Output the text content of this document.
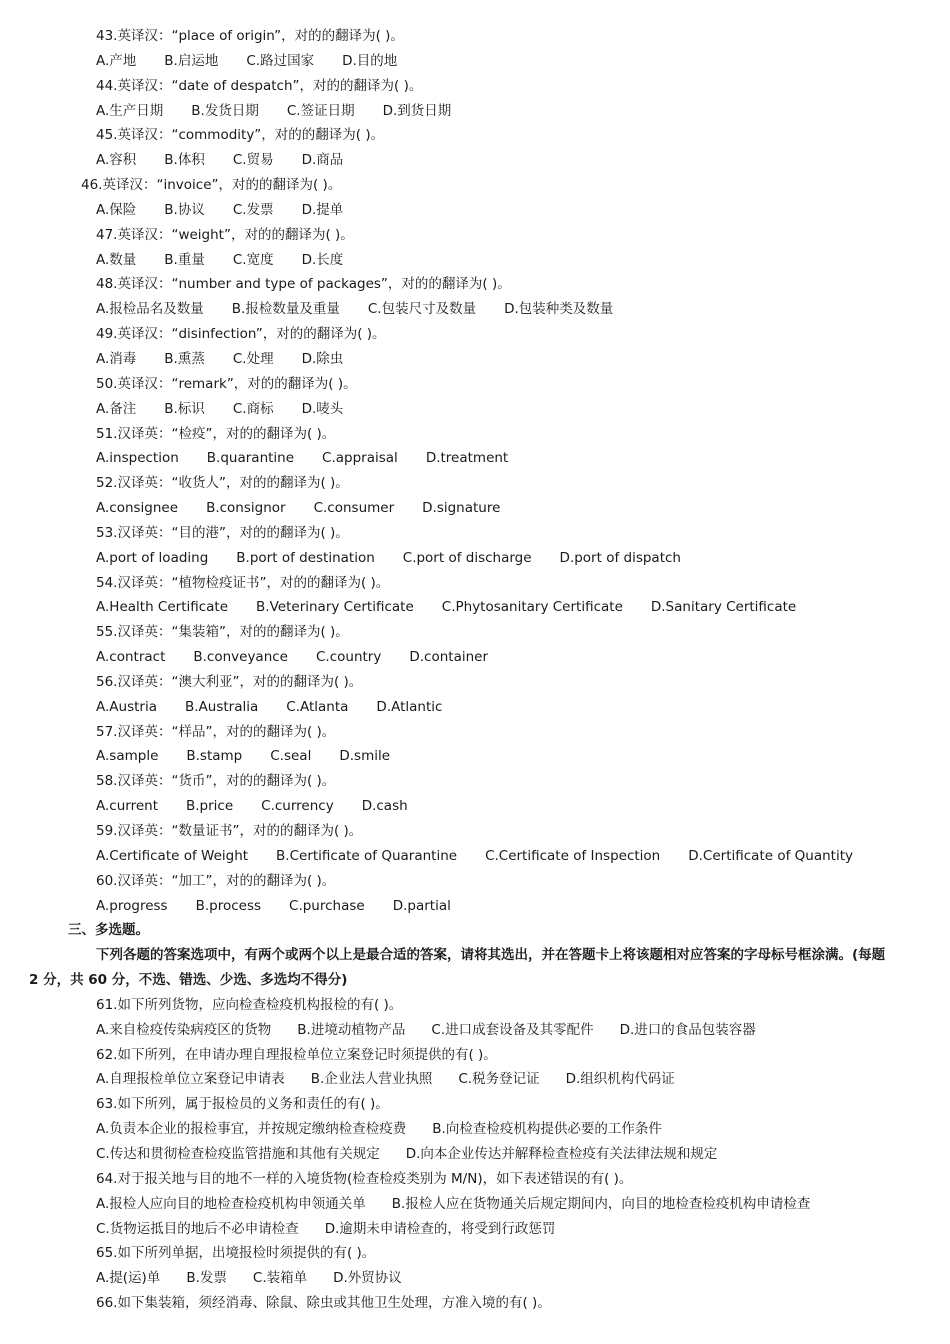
43.英译汉：“place of origin”，对的的翻译为( )。
A.产地 B.启运地 C.路过国家 D.目的地
44.英译汉：“date of despatch”，对的的翻译为( )。
A.生产日期 B.发货日期 C.签证日期 D.到货日期
45.英译汉：“commodity”，对的的翻译为( )。
A.容积 B.体积 C.贸易 D.商品
46.英译汉：“invoice”，对的的翻译为( )。
A.保险 B.协议 C.发票 D.提单
47.英译汉：“weight”，对的的翻译为( )。
A.数量 B.重量 C.宽度 D.长度
48.英译汉：“number and type of packages”，对的的翻译为( )。
A.报检品名及数量 B.报检数量及重量 C.包装尺寸及数量 D.包装种类及数量
49.英译汉：“disinfection”，对的的翻译为( )。
A.消毒 B.熏蒸 C.处理 D.除虫
50.英译汉：“remark”，对的的翻译为( )。
A.备注 B.标识 C.商标 D.唛头
51.汉译英：“检疫”，对的的翻译为( )。
A.inspection B.quarantine C.appraisal D.treatment
52.汉译英：“收货人”，对的的翻译为( )。
A.consignee B.consignor C.consumer D.signature
53.汉译英：“目的港”，对的的翻译为( )。
A.port of loading B.port of destination C.port of discharge D.port of dispatch
54.汉译英：“植物检疫证书”，对的的翻译为( )。
A.Health Certificate B.Veterinary Certificate C.Phytosanitary Certificate D.Sanitary Certificate
55.汉译英：“集装箱”，对的的翻译为( )。
A.contract B.conveyance C.country D.container
56.汉译英：“澳大利亚”，对的的翻译为( )。
A.Austria B.Australia C.Atlanta D.Atlantic
57.汉译英：“样品”，对的的翻译为( )。
A.sample B.stamp C.seal D.smile
58.汉译英：“货币”，对的的翻译为( )。
A.current B.price C.currency D.cash
59.汉译英：“数量证书”，对的的翻译为( )。
A.Certificate of Weight B.Certificate of Quarantine C.Certificate of Inspection D.Certificate of Quantity
60.汉译英：“加工”，对的的翻译为( )。
A.progress B.process C.purchase D.partial
三、多选题。
下列各题的答案选项中，有两个或两个以上是最合适的答案，请将其选出，并在答题卡上将该题相对应答案的字母标号框涂满。(每题
2 分，共 60 分，不选、错选、少选、多选均不得分)
61.如下所列货物，应向检查检疫机构报检的有( )。
A.来自检疫传染病疫区的货物 B.进境动植物产品 C.进口成套设备及其零配件 D.进口的食品包装容器
62.如下所列，在申请办理自理报检单位立案登记时须提供的有( )。
A.自理报检单位立案登记申请表 B.企业法人营业执照 C.税务登记证 D.组织机构代码证
63.如下所列，属于报检员的义务和责任的有( )。
A.负责本企业的报检事宜，并按规定缴纳检查检疫费 B.向检查检疫机构提供必要的工作条件
C.传达和贯彻检查检疫监管措施和其他有关规定 D.向本企业传达并解释检查检疫有关法律法规和规定
64.对于报关地与目的地不一样的入境货物(检查检疫类别为 M/N)，如下表述错误的有( )。
A.报检人应向目的地检查检疫机构申领通关单 B.报检人应在货物通关后规定期间内，向目的地检查检疫机构申请检查
C.货物运抵目的地后不必申请检查 D.逾期未申请检查的，将受到行政惩罚
65.如下所列单据，出境报检时须提供的有( )。
A.提(运)单 B.发票 C.装箱单 D.外贸协议
66.如下集装箱，须经消毒、除鼠、除虫或其他卫生处理，方准入境的有( )。
